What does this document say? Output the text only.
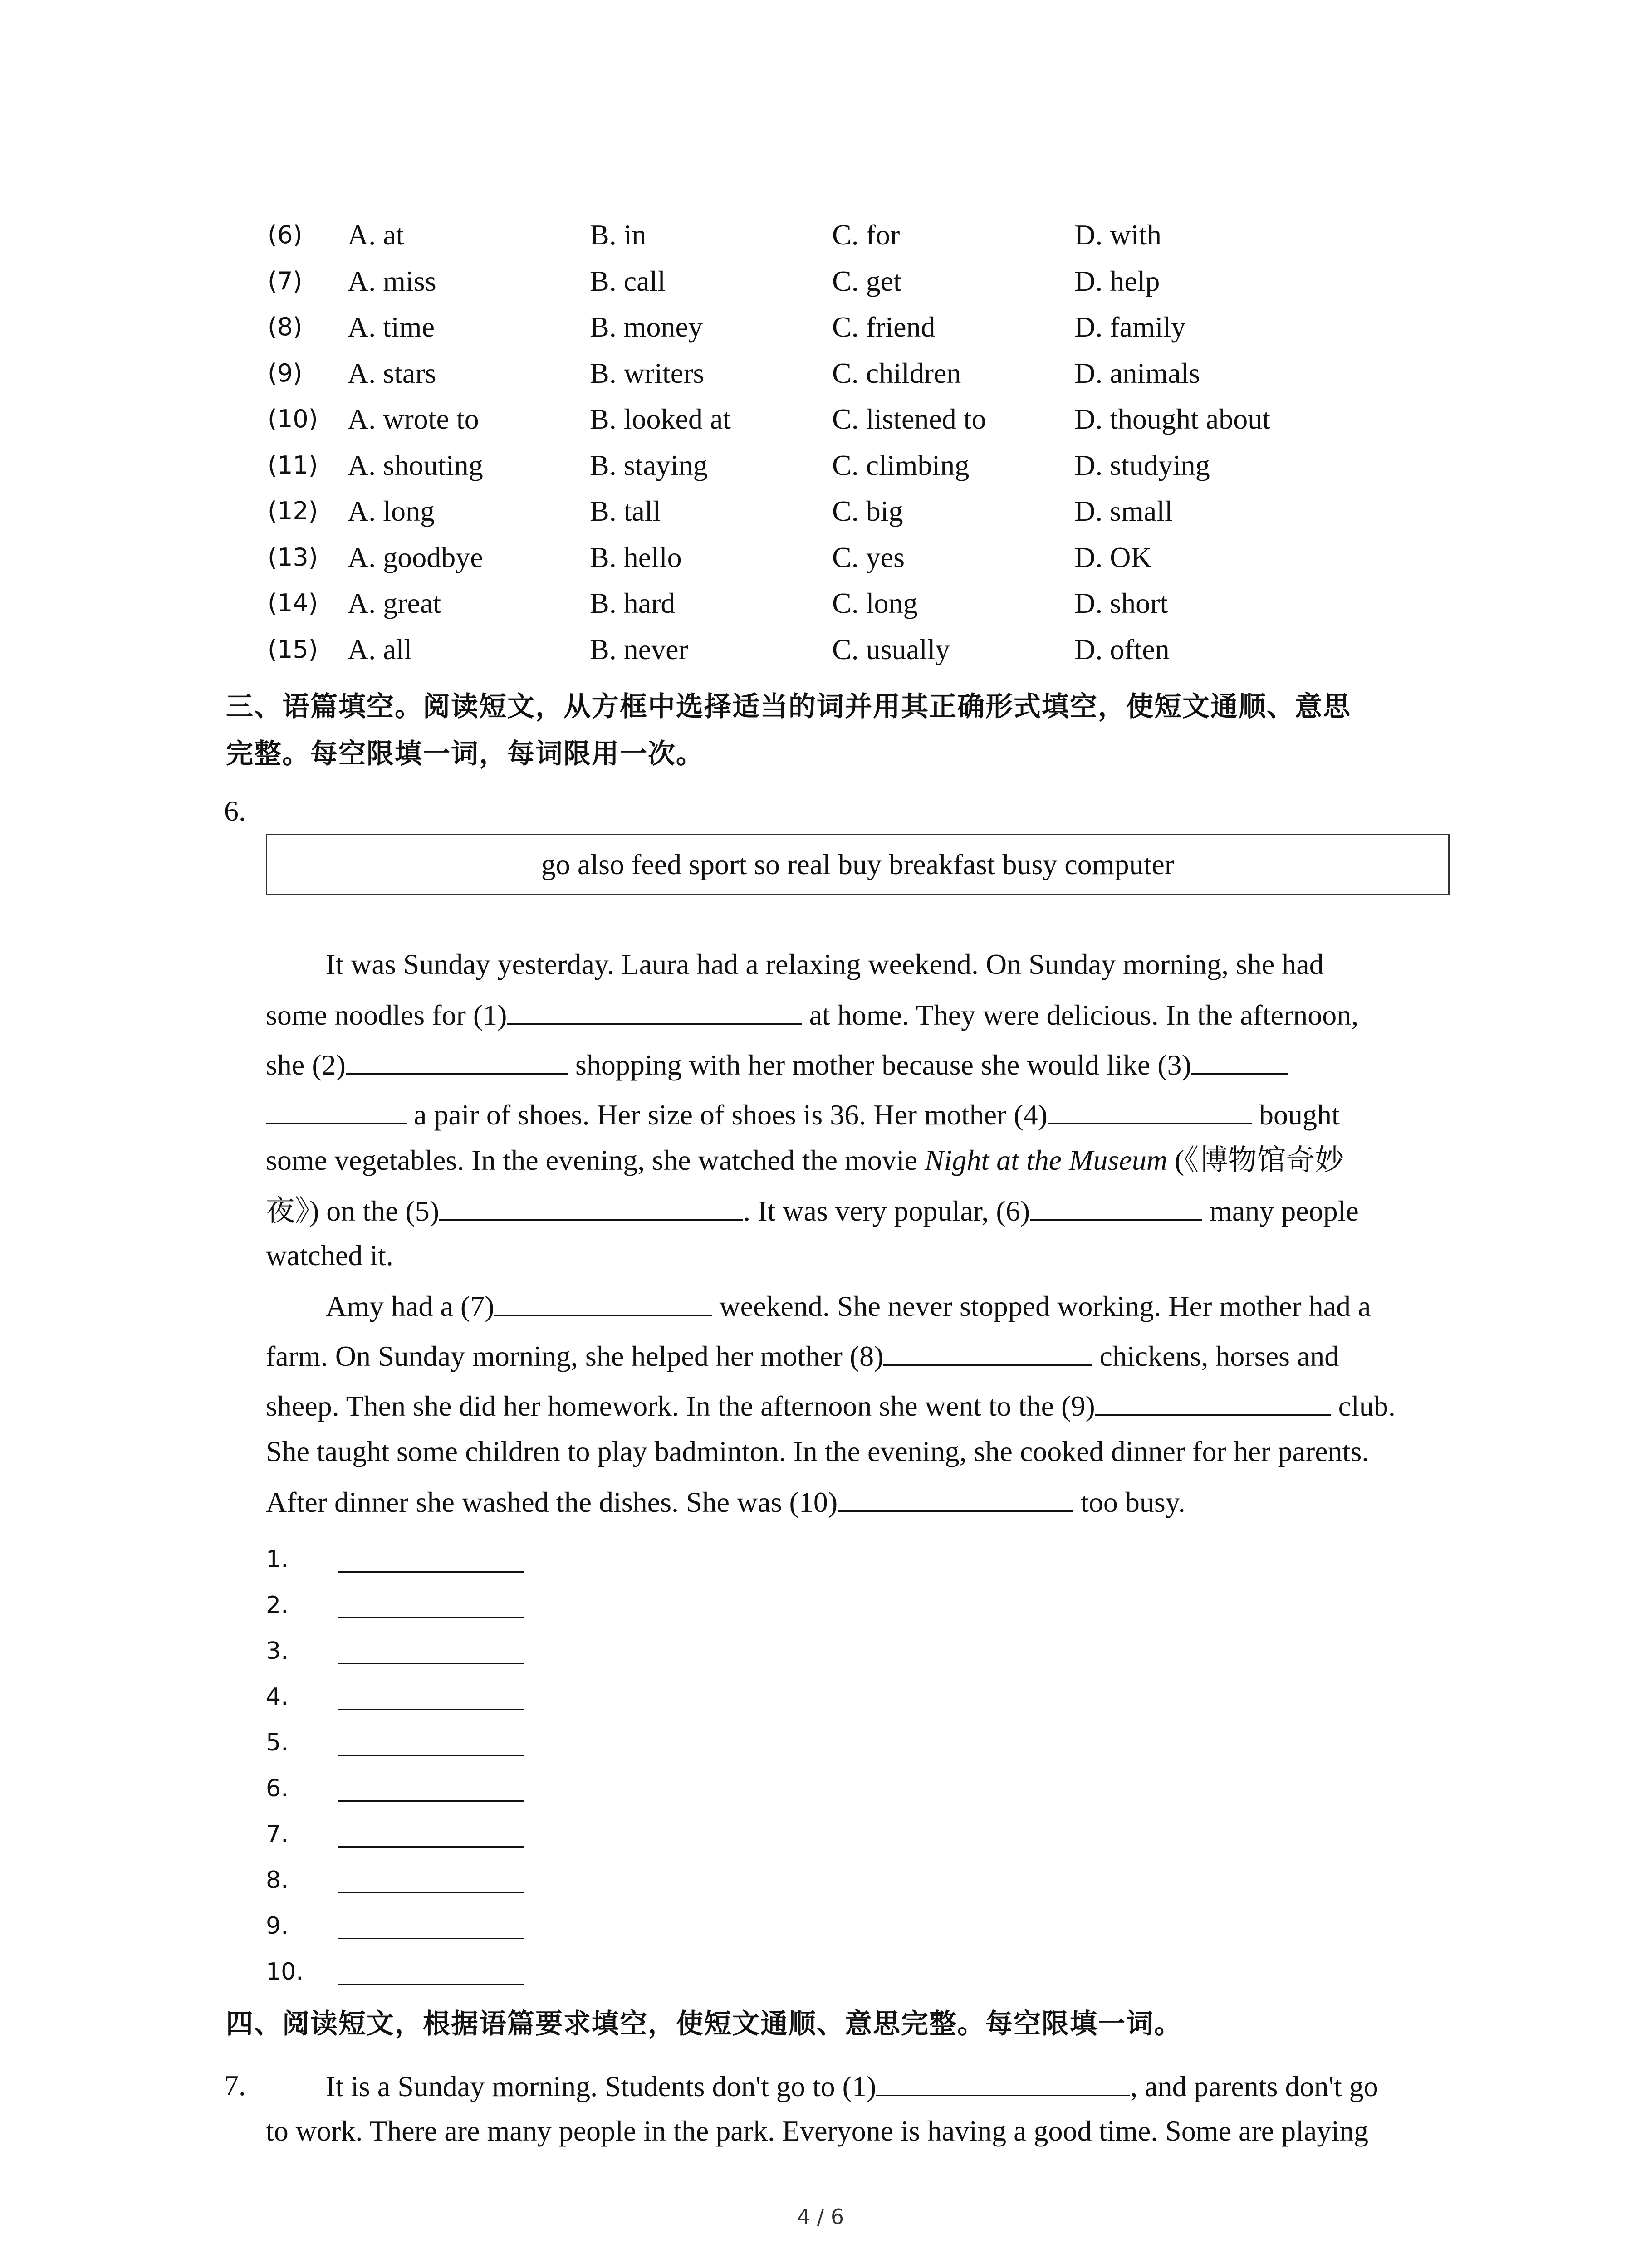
(6) A. at	B. in	C. for	D. with
(7) A. miss	B. call	C. get	D. help
(8) A. time	B. money	C. friend	D. family
(9) A. stars	B. writers	C. children	D. animals
(10) A. wrote to	B. looked at	C. listened to	D. thought about
(11) A. shouting	B. staying	C. climbing	D. studying
(12) A. long	B. tall	C. big	D. small
(13) A. goodbye	B. hello	C. yes	D. OK
(14) A. great	B. hard	C. long	D. short
(15) A. all	B. never	C. usually	D. often
三、语篇填空。阅读短文，从方框中选择适当的词并用其正确形式填空，使短文通顺、意思
完整。每空限填一词，每词限用一次。
6.
go also feed sport so real buy breakfast busy computer
It was Sunday yesterday. Laura had a relaxing weekend. On Sunday morning, she had
some noodles for (1)	at home. They were delicious. In the afternoon,
she (2)	shopping with her mother because she would like (3)
a pair of shoes. Her size of shoes is 36. Her mother (4)	bought
some vegetables. In the evening, she watched the movie Night at the Museum (《博物馆奇妙
夜》) on the (5)	. It was very popular, (6)	many people
watched it.
Amy had a (7)	weekend. She never stopped working. Her mother had a
farm. On Sunday morning, she helped her mother (8)	chickens, horses and
sheep. Then she did her homework. In the afternoon she went to the (9)	club.
She taught some children to play badminton. In the evening, she cooked dinner for her parents.
After dinner she washed the dishes. She was (10)	too busy.
1.
2.
3.
4.
5.
6.
7.
8.
9.
10.
四、阅读短文，根据语篇要求填空，使短文通顺、意思完整。每空限填一词。
7.	It is a Sunday morning. Students don't go to (1)	, and parents don't go
to work. There are many people in the park. Everyone is having a good time. Some are playing
4 / 6
